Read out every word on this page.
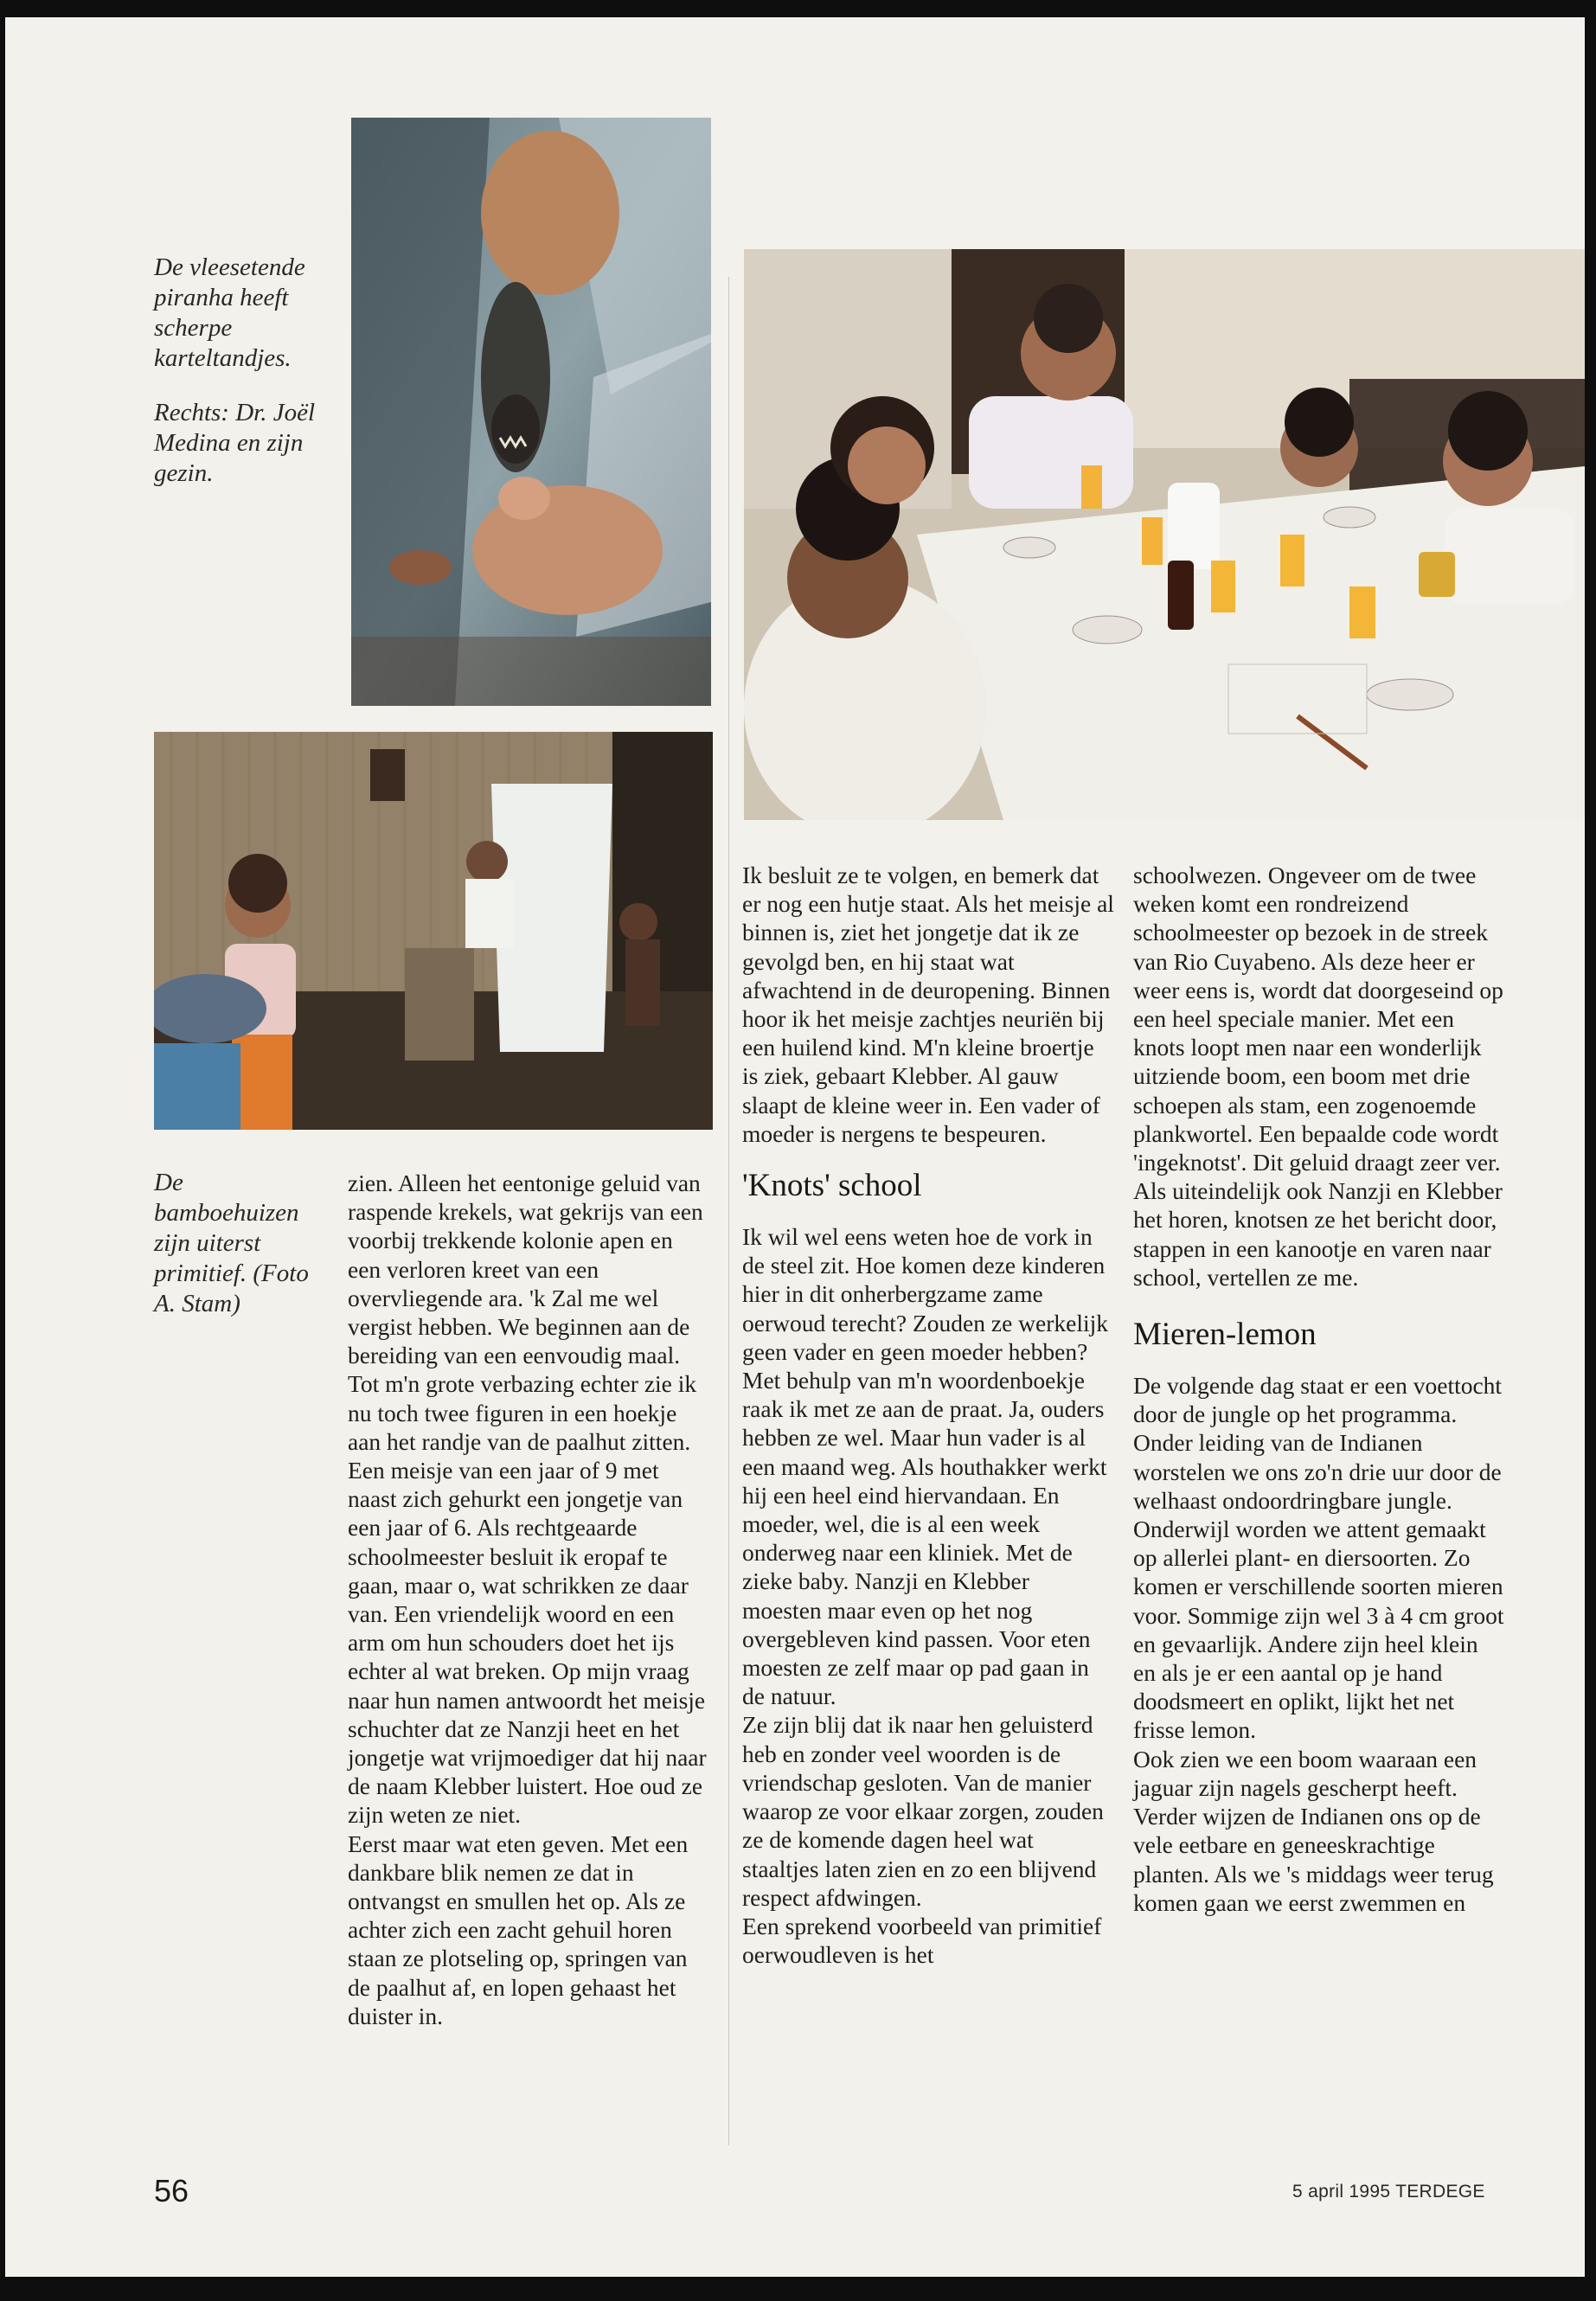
De vleesetende piranha heeft scherpe karteltandjes.

Rechts: Dr. Joël Medina en zijn gezin.

De bamboehuizen zijn uiterst primitief. (Foto A. Stam)

zien. Alleen het eentonige geluid van raspende krekels, wat gekrijs van een voorbij trekkende kolonie apen en een verloren kreet van een overvliegende ara. 'k Zal me wel vergist hebben. We beginnen aan de bereiding van een eenvoudig maal. Tot m'n grote verbazing echter zie ik nu toch twee figuren in een hoekje aan het randje van de paalhut zitten. Een meisje van een jaar of 9 met naast zich gehurkt een jongetje van een jaar of 6. Als rechtgeaarde schoolmeester besluit ik eropaf te gaan, maar o, wat schrikken ze daar van. Een vriendelijk woord en een arm om hun schouders doet het ijs echter al wat breken. Op mijn vraag naar hun namen antwoordt het meisje schuchter dat ze Nanzji heet en het jongetje wat vrijmoediger dat hij naar de naam Klebber luistert. Hoe oud ze zijn weten ze niet.

Eerst maar wat eten geven. Met een dankbare blik nemen ze dat in ontvangst en smullen het op. Als ze achter zich een zacht gehuil horen staan ze plotseling op, springen van de paalhut af, en lopen gehaast het duister in.

Ik besluit ze te volgen, en bemerk dat er nog een hutje staat. Als het meisje al binnen is, ziet het jongetje dat ik ze gevolgd ben, en hij staat wat afwachtend in de deuropening. Binnen hoor ik het meisje zachtjes neuriën bij een huilend kind. M'n kleine broertje is ziek, gebaart Klebber. Al gauw slaapt de kleine weer in. Een vader of moeder is nergens te bespeuren.

'Knots' school

Ik wil wel eens weten hoe de vork in de steel zit. Hoe komen deze kinderen hier in dit onherbergzame zame oerwoud terecht? Zouden ze werkelijk geen vader en geen moeder hebben? Met behulp van m'n woordenboekje raak ik met ze aan de praat. Ja, ouders hebben ze wel. Maar hun vader is al een maand weg. Als houthakker werkt hij een heel eind hiervandaan. En moeder, wel, die is al een week onderweg naar een kliniek. Met de zieke baby. Nanzji en Klebber moesten maar even op het nog overgebleven kind passen. Voor eten moesten ze zelf maar op pad gaan in de natuur.

Ze zijn blij dat ik naar hen geluisterd heb en zonder veel woorden is de vriendschap gesloten. Van de manier waarop ze voor elkaar zorgen, zouden ze de komende dagen heel wat staaltjes laten zien en zo een blijvend respect afdwingen.

Een sprekend voorbeeld van primitief oerwoudleven is het

schoolwezen. Ongeveer om de twee weken komt een rondreizend schoolmeester op bezoek in de streek van Rio Cuyabeno. Als deze heer er weer eens is, wordt dat doorgeseind op een heel speciale manier. Met een knots loopt men naar een wonderlijk uitziende boom, een boom met drie schoepen als stam, een zogenoemde plankwortel. Een bepaalde code wordt 'ingeknotst'. Dit geluid draagt zeer ver. Als uiteindelijk ook Nanzji en Klebber het horen, knotsen ze het bericht door, stappen in een kanootje en varen naar school, vertellen ze me.

Mieren-lemon

De volgende dag staat er een voettocht door de jungle op het programma. Onder leiding van de Indianen worstelen we ons zo'n drie uur door de welhaast ondoordringbare jungle. Onderwijl worden we attent gemaakt op allerlei plant- en diersoorten. Zo komen er verschillende soorten mieren voor. Sommige zijn wel 3 à 4 cm groot en gevaarlijk. Andere zijn heel klein en als je er een aantal op je hand doodsmeert en oplikt, lijkt het net frisse lemon.

Ook zien we een boom waaraan een jaguar zijn nagels gescherpt heeft. Verder wijzen de Indianen ons op de vele eetbare en geneeskrachtige planten. Als we 's middags weer terug komen gaan we eerst zwemmen en

56	5 april 1995 TERDEGE
